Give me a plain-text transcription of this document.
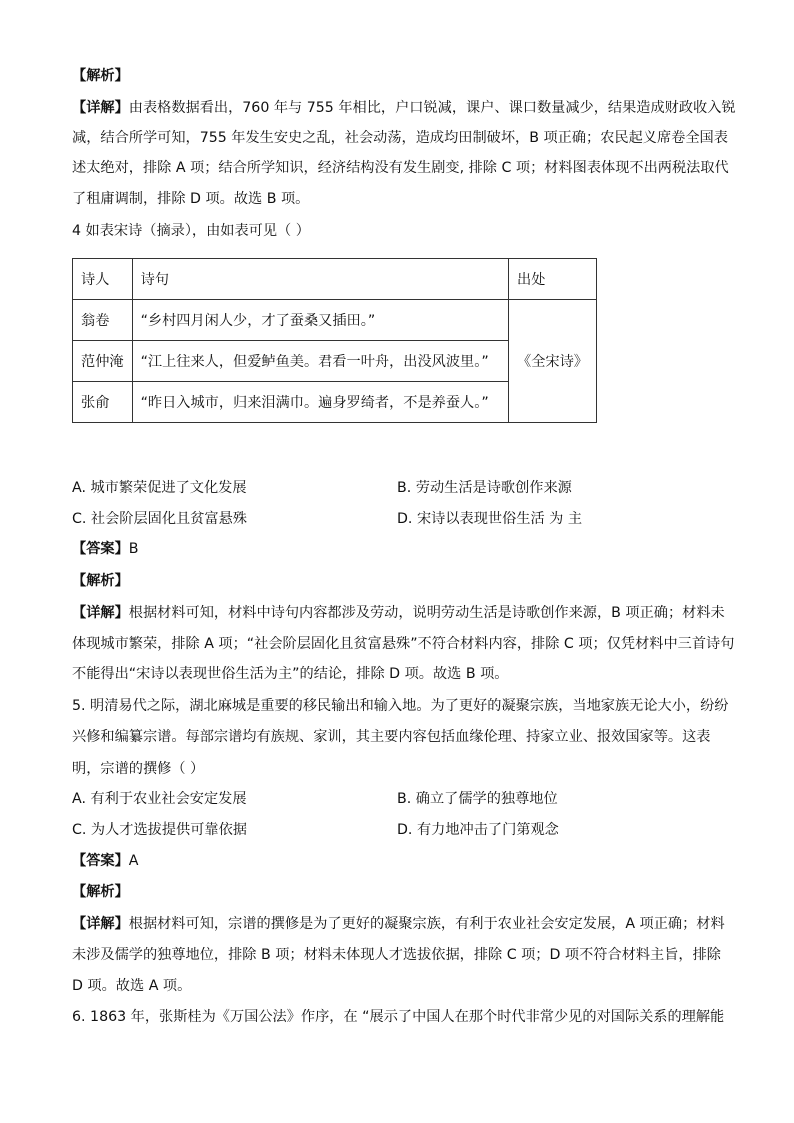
【解析】
【详解】由表格数据看出，760 年与 755 年相比，户口锐减，课户、课口数量减少，结果造成财政收入锐
减，结合所学可知，755 年发生安史之乱，社会动荡，造成均田制破坏，B 项正确；农民起义席卷全国表
述太绝对，排除 A 项；结合所学知识，经济结构没有发生剧变, 排除 C 项；材料图表体现不出两税法取代
了租庸调制，排除 D 项。故选 B 项。
4 如表宋诗（摘录），由如表可见（ ）
诗人	诗句	出处
翁卷	“乡村四月闲人少，才了蚕桑又插田。”	《全宋诗》
范仲淹	“江上往来人，但爱鲈鱼美。君看一叶舟，出没风波里。”	
张俞	“昨日入城市，归来泪满巾。遍身罗绮者，不是养蚕人。”	
A. 城市繁荣促进了文化发展	B. 劳动生活是诗歌创作来源
C. 社会阶层固化且贫富悬殊	D. 宋诗以表现世俗生活 为 主
【答案】B
【解析】
【详解】根据材料可知，材料中诗句内容都涉及劳动，说明劳动生活是诗歌创作来源，B 项正确；材料未
体现城市繁荣，排除 A 项；“社会阶层固化且贫富悬殊”不符合材料内容，排除 C 项；仅凭材料中三首诗句
不能得出“宋诗以表现世俗生活为主”的结论，排除 D 项。故选 B 项。
5. 明清易代之际，湖北麻城是重要的移民输出和输入地。为了更好的凝聚宗族，当地家族无论大小，纷纷
兴修和编纂宗谱。每部宗谱均有族规、家训，其主要内容包括血缘伦理、持家立业、报效国家等。这表
明，宗谱的撰修（ ）
A. 有利于农业社会安定发展	B. 确立了儒学的独尊地位
C. 为人才选拔提供可靠依据	D. 有力地冲击了门第观念
【答案】A
【解析】
【详解】根据材料可知，宗谱的撰修是为了更好的凝聚宗族，有利于农业社会安定发展，A 项正确；材料
未涉及儒学的独尊地位，排除 B 项；材料未体现人才选拔依据，排除 C 项；D 项不符合材料主旨，排除
D 项。故选 A 项。
6. 1863 年，张斯桂为《万国公法》作序，在 “展示了中国人在那个时代非常少见的对国际关系的理解能
